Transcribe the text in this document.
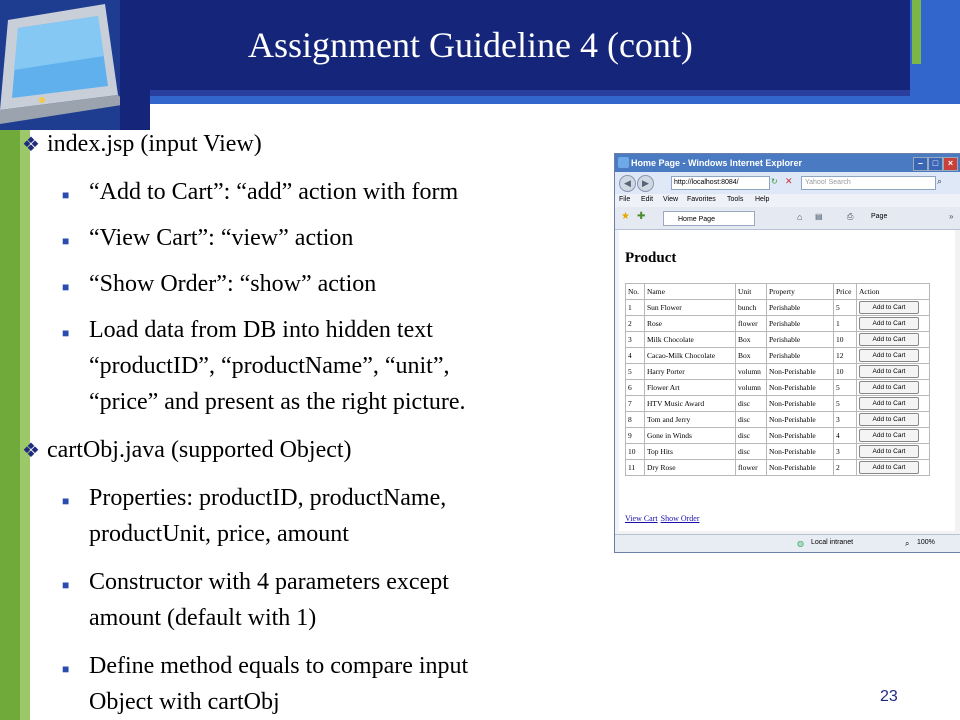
Assignment Guideline 4 (cont)
❖ index.jsp (input View)
■ “Add to Cart”: “add” action with form
■ “View Cart”: “view” action
■ “Show Order”: “show” action
■ Load data from DB into hidden text
“productID”, “productName”, “unit”,
“price” and present as the right picture.
❖ cartObj.java (supported Object)
■ Properties: productID, productName,
productUnit, price, amount
■ Constructor with 4 parameters except
amount (default with 1)
■ Define method equals to compare input
Object with cartObj	23
Home Page - Windows Internet Explorer	–	□	×
◀	▶	http://localhost:8084/	↻ ✕	Yahoo! Search	⌕
File Edit View Favorites Tools Help
★ ✚	Home Page	⌂ ▤	⎙	Page	»
Product
No.	Name	Unit	Property	Price	Action
1	Sun Flower	bunch	Perishable	5	Add to Cart
2	Rose	flower	Perishable	1	Add to Cart
3	Milk Chocolate	Box	Perishable	10	Add to Cart
4	Cacao-Milk Chocolate	Box	Perishable	12	Add to Cart
5	Harry Porter	volumn	Non-Perishable	10	Add to Cart
6	Flower Art	volumn	Non-Perishable	5	Add to Cart
7	HTV Music Award	disc	Non-Perishable	5	Add to Cart
8	Tom and Jerry	disc	Non-Perishable	3	Add to Cart
9	Gone in Winds	disc	Non-Perishable	4	Add to Cart
10	Top Hits	disc	Non-Perishable	3	Add to Cart
11	Dry Rose	flower	Non-Perishable	2	Add to Cart
View Cart Show Order
◍ Local intranet	⌕ 100%
